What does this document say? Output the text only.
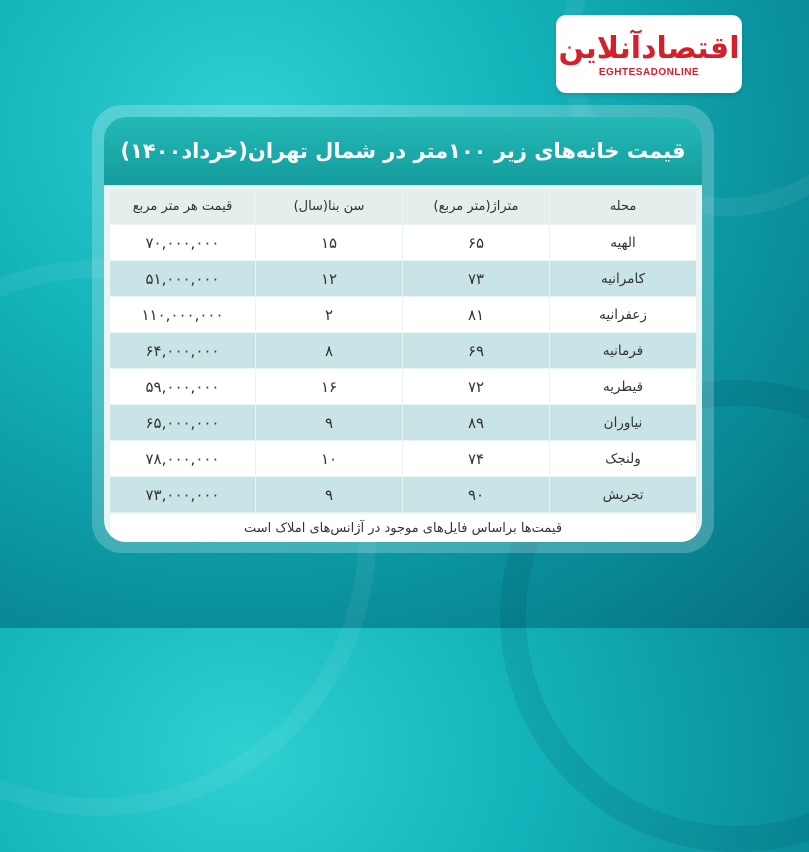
اقتصادآنلاین
EGHTESADONLINE
قیمت خانه‌های زیر ۱۰۰متر در شمال تهران(خرداد۱۴۰۰)
محله
متراژ(متر مربع)
سن بنا(سال)
قیمت هر متر مربع
الهیه
۶۵
۱۵
۷۰,۰۰۰,۰۰۰
کامرانیه
۷۳
۱۲
۵۱,۰۰۰,۰۰۰
زعفرانیه
۸۱
۲
۱۱۰,۰۰۰,۰۰۰
فرمانیه
۶۹
۸
۶۴,۰۰۰,۰۰۰
قیطریه
۷۲
۱۶
۵۹,۰۰۰,۰۰۰
نیاوران
۸۹
۹
۶۵,۰۰۰,۰۰۰
ولنجک
۷۴
۱۰
۷۸,۰۰۰,۰۰۰
تجریش
۹۰
۹
۷۳,۰۰۰,۰۰۰
قیمت‌ها براساس فایل‌های موجود در آژانس‌های املاک است
